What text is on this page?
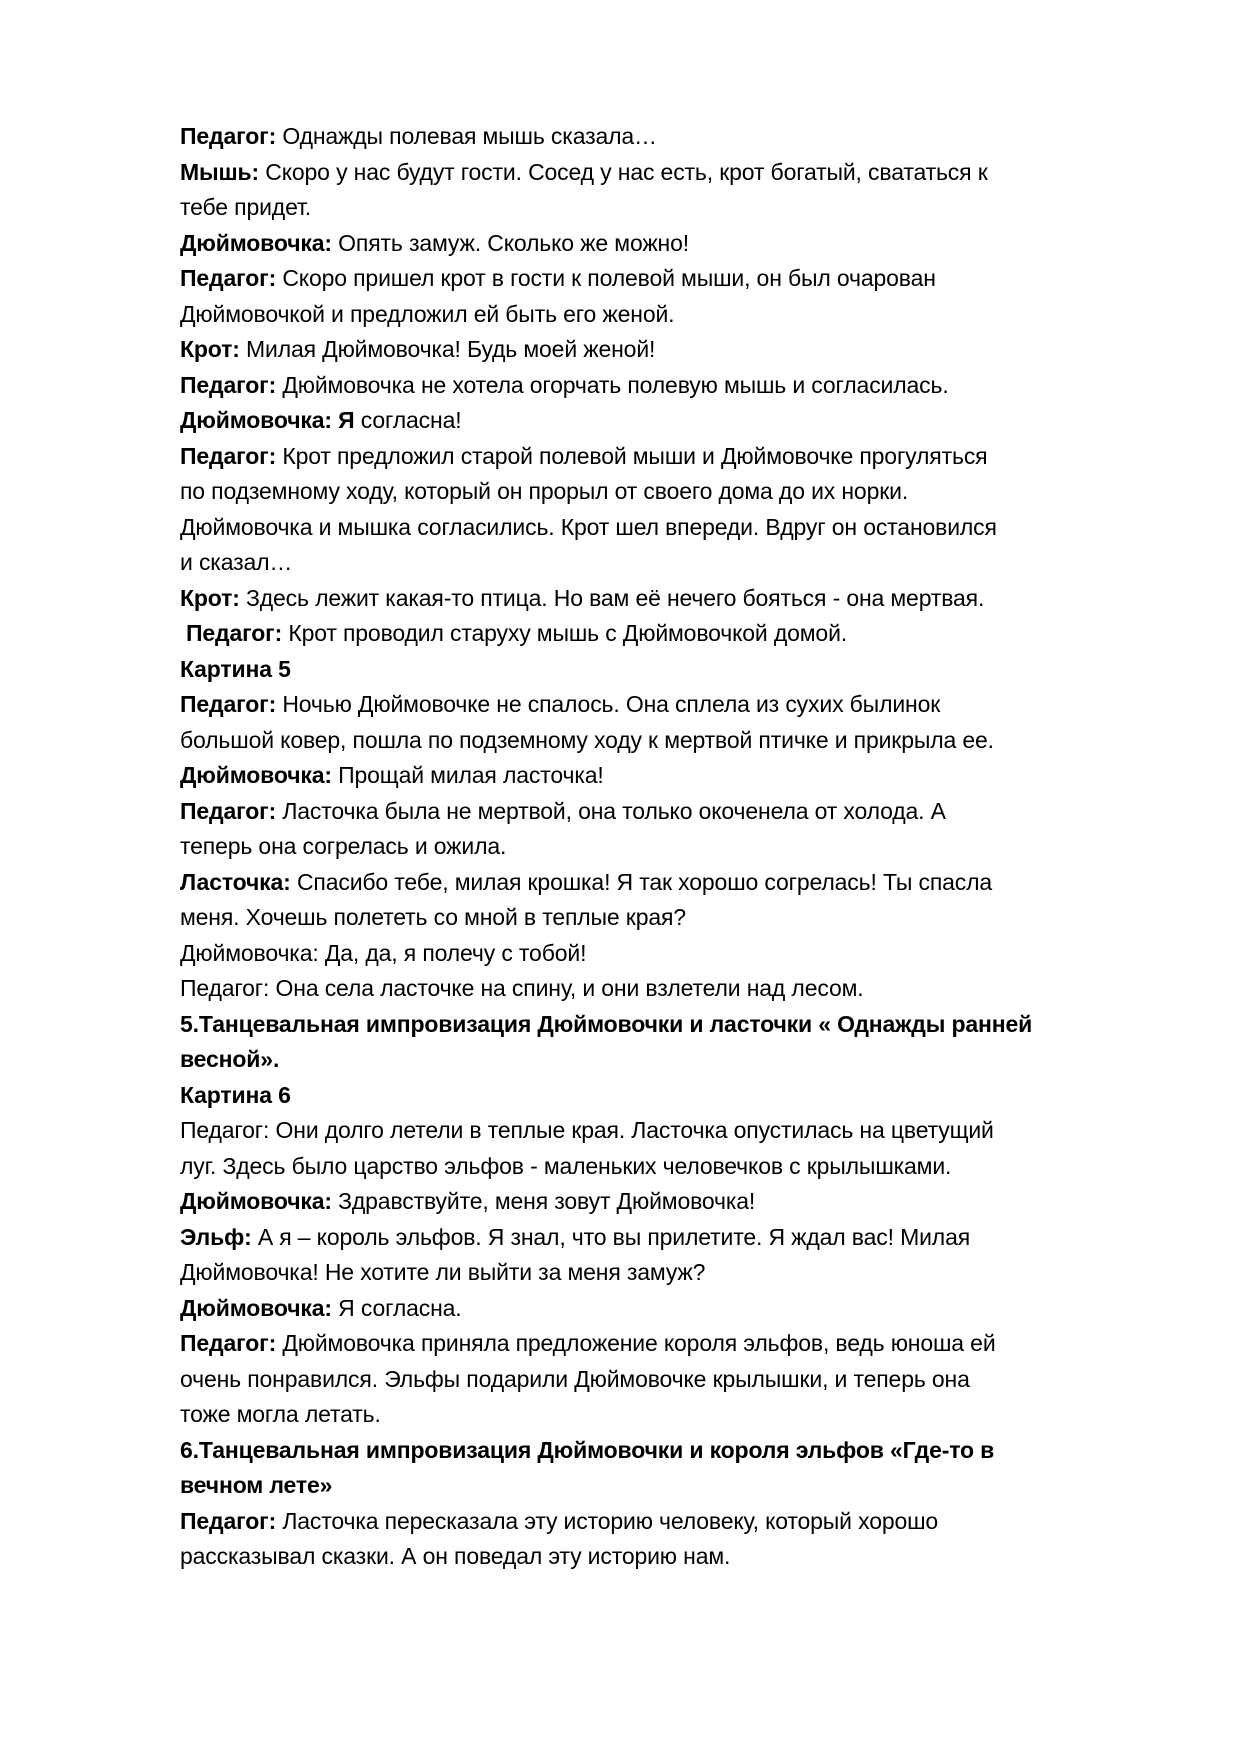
Педагог: Однажды полевая мышь сказала…
Мышь: Скоро у нас будут гости. Сосед у нас есть, крот богатый, свататься к
тебе придет.
Дюймовочка: Опять замуж. Сколько же можно!
Педагог: Скоро пришел крот в гости к полевой мыши, он был очарован
Дюймовочкой и предложил ей быть его женой.
Крот: Милая Дюймовочка! Будь моей женой!
Педагог: Дюймовочка не хотела огорчать полевую мышь и согласилась.
Дюймовочка: Я согласна!
Педагог: Крот предложил старой полевой мыши и Дюймовочке прогуляться
по подземному ходу, который он прорыл от своего дома до их норки.
Дюймовочка и мышка согласились. Крот шел впереди. Вдруг он остановился
и сказал…
Крот: Здесь лежит какая-то птица. Но вам её нечего бояться - она мертвая.
Педагог: Крот проводил старуху мышь с Дюймовочкой домой.
Картина 5
Педагог: Ночью Дюймовочке не спалось. Она сплела из сухих былинок
большой ковер, пошла по подземному ходу к мертвой птичке и прикрыла ее.
Дюймовочка: Прощай милая ласточка!
Педагог: Ласточка была не мертвой, она только окоченела от холода. А
теперь она согрелась и ожила.
Ласточка: Спасибо тебе, милая крошка! Я так хорошо согрелась! Ты спасла
меня. Хочешь полететь со мной в теплые края?
Дюймовочка: Да, да, я полечу с тобой!
Педагог: Она села ласточке на спину, и они взлетели над лесом.
5.Танцевальная импровизация Дюймовочки и ласточки « Однажды ранней
весной».
Картина 6
Педагог: Они долго летели в теплые края. Ласточка опустилась на цветущий
луг. Здесь было царство эльфов - маленьких человечков с крылышками.
Дюймовочка: Здравствуйте, меня зовут Дюймовочка!
Эльф: А я – король эльфов. Я знал, что вы прилетите. Я ждал вас! Милая
Дюймовочка! Не хотите ли выйти за меня замуж?
Дюймовочка: Я согласна.
Педагог: Дюймовочка приняла предложение короля эльфов, ведь юноша ей
очень понравился. Эльфы подарили Дюймовочке крылышки, и теперь она
тоже могла летать.
6.Танцевальная импровизация Дюймовочки и короля эльфов «Где-то в
вечном лете»
Педагог: Ласточка пересказала эту историю человеку, который хорошо
рассказывал сказки. А он поведал эту историю нам.
